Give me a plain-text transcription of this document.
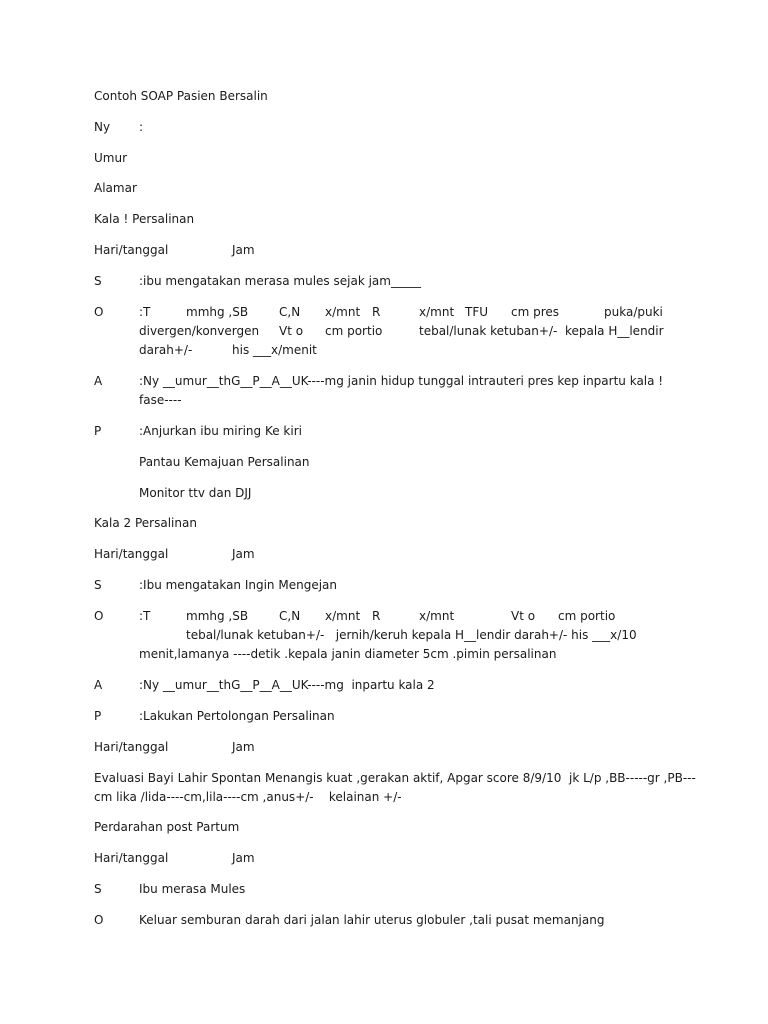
Contoh SOAP Pasien Bersalin
Ny :
Umur
Alamar
Kala ! Persalinan
Hari/tanggal	Jam
S	:ibu mengatakan merasa mules sejak jam_____
O	:T	mmhg ,SB	C,N x/mnt R	x/mnt TFU cm pres	puka/puki
divergen/konvergen Vt o cm portio	tebal/lunak ketuban+/-  kepala H__lendir
darah+/-	his ___x/menit
A	:Ny __umur__thG__P__A__UK----mg janin hidup tunggal intrauteri pres kep inpartu kala !
fase----
P	:Anjurkan ibu miring Ke kiri
Pantau Kemajuan Persalinan
Monitor ttv dan DJJ
Kala 2 Persalinan
Hari/tanggal	Jam
S	:Ibu mengatakan Ingin Mengejan
O	:T	mmhg ,SB	C,N x/mnt R	x/mnt	Vt o cm portio
tebal/lunak ketuban+/-   jernih/keruh kepala H__lendir darah+/- his ___x/10
menit,lamanya ----detik .kepala janin diameter 5cm .pimin persalinan
A	:Ny __umur__thG__P__A__UK----mg  inpartu kala 2
P	:Lakukan Pertolongan Persalinan
Hari/tanggal	Jam
Evaluasi Bayi Lahir Spontan Menangis kuat ,gerakan aktif, Apgar score 8/9/10  jk L/p ,BB-----gr ,PB---
cm lika /lida----cm,lila----cm ,anus+/-    kelainan +/-
Perdarahan post Partum
Hari/tanggal	Jam
S	Ibu merasa Mules
O	Keluar semburan darah dari jalan lahir uterus globuler ,tali pusat memanjang
